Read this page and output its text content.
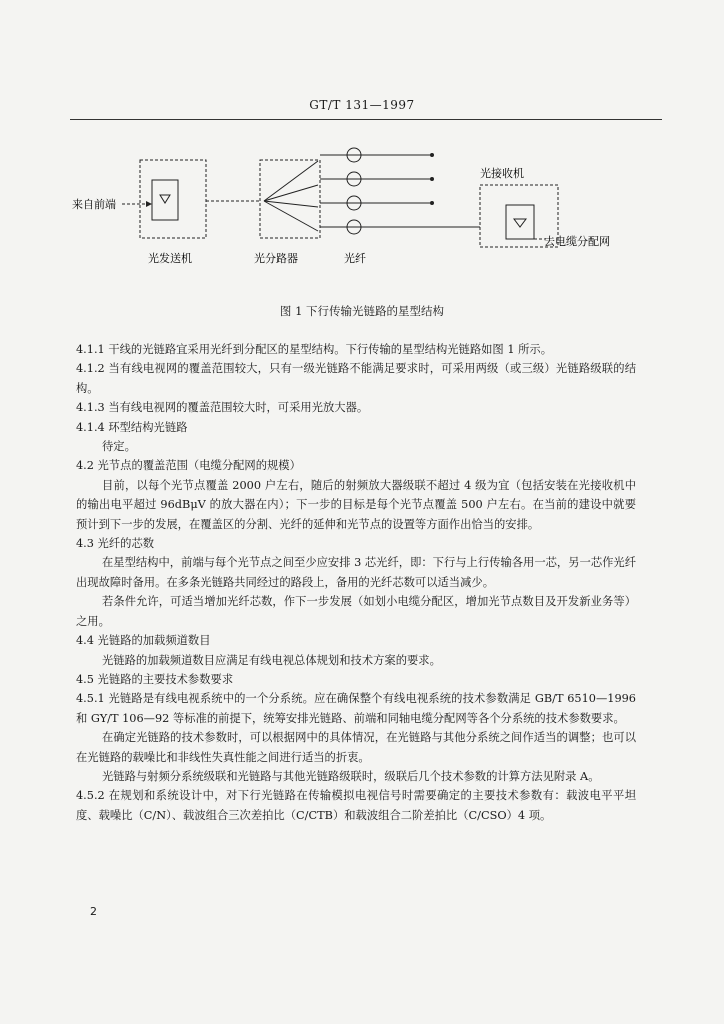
GT/T 131—1997
来自前端
光发送机	光分路器	光纤
光接收机
去电缆分配网
图 1 下行传输光链路的星型结构

4.1.1 干线的光链路宜采用光纤到分配区的星型结构。下行传输的星型结构光链路如图 1 所示。

4.1.2 当有线电视网的覆盖范围较大，只有一级光链路不能满足要求时，可采用两级（或三级）光链路级联的结构。

4.1.3 当有线电视网的覆盖范围较大时，可采用光放大器。

4.1.4 环型结构光链路

待定。

4.2 光节点的覆盖范围（电缆分配网的规模）

目前，以每个光节点覆盖 2000 户左右，随后的射频放大器级联不超过 4 级为宜（包括安装在光接收机中的输出电平超过 96dBμV 的放大器在内）；下一步的目标是每个光节点覆盖 500 户左右。在当前的建设中就要预计到下一步的发展，在覆盖区的分割、光纤的延伸和光节点的设置等方面作出恰当的安排。

4.3 光纤的芯数

在星型结构中，前端与每个光节点之间至少应安排 3 芯光纤，即：下行与上行传输各用一芯，另一芯作光纤出现故障时备用。在多条光链路共同经过的路段上，备用的光纤芯数可以适当减少。

若条件允许，可适当增加光纤芯数，作下一步发展（如划小电缆分配区，增加光节点数目及开发新业务等）之用。

4.4 光链路的加载频道数目

光链路的加载频道数目应满足有线电视总体规划和技术方案的要求。

4.5 光链路的主要技术参数要求

4.5.1 光链路是有线电视系统中的一个分系统。应在确保整个有线电视系统的技术参数满足 GB/T 6510—1996 和 GY/T 106—92 等标准的前提下，统筹安排光链路、前端和同轴电缆分配网等各个分系统的技术参数要求。

在确定光链路的技术参数时，可以根据网中的具体情况，在光链路与其他分系统之间作适当的调整；也可以在光链路的载噪比和非线性失真性能之间进行适当的折衷。

光链路与射频分系统级联和光链路与其他光链路级联时，级联后几个技术参数的计算方法见附录 A。

4.5.2 在规划和系统设计中，对下行光链路在传输模拟电视信号时需要确定的主要技术参数有：载波电平平坦度、载噪比（C/N）、载波组合三次差拍比（C/CTB）和载波组合二阶差拍比（C/CSO）4 项。

2
